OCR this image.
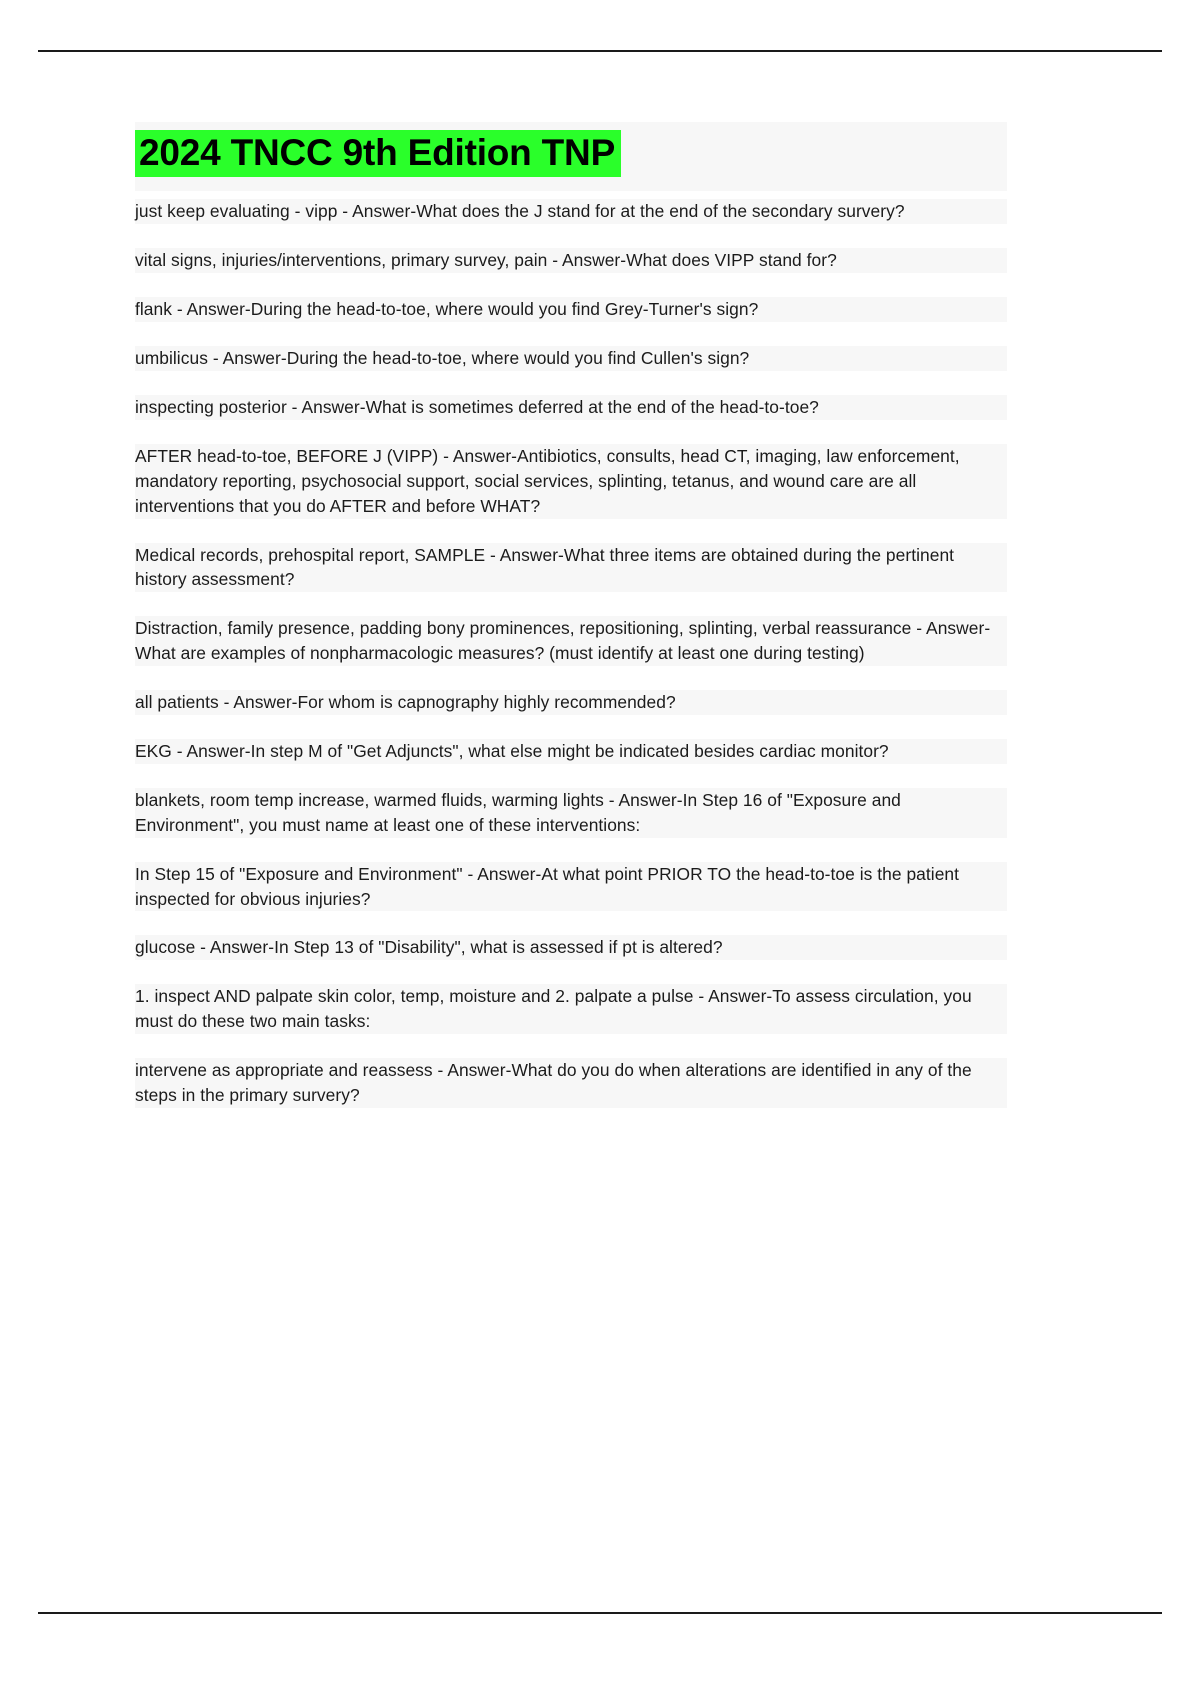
2024 TNCC 9th Edition TNP

just keep evaluating - vipp - Answer-What does the J stand for at the end of the secondary survery?

vital signs, injuries/interventions, primary survey, pain - Answer-What does VIPP stand for?

flank - Answer-During the head-to-toe, where would you find Grey-Turner's sign?

umbilicus - Answer-During the head-to-toe, where would you find Cullen's sign?

inspecting posterior - Answer-What is sometimes deferred at the end of the head-to-toe?

AFTER head-to-toe, BEFORE J (VIPP) - Answer-Antibiotics, consults, head CT, imaging, law enforcement, mandatory reporting, psychosocial support, social services, splinting, tetanus, and wound care are all interventions that you do AFTER and before WHAT?

Medical records, prehospital report, SAMPLE - Answer-What three items are obtained during the pertinent history assessment?

Distraction, family presence, padding bony prominences, repositioning, splinting, verbal reassurance - Answer-What are examples of nonpharmacologic measures? (must identify at least one during testing)

all patients - Answer-For whom is capnography highly recommended?

EKG - Answer-In step M of "Get Adjuncts", what else might be indicated besides cardiac monitor?

blankets, room temp increase, warmed fluids, warming lights - Answer-In Step 16 of "Exposure and Environment", you must name at least one of these interventions:

In Step 15 of "Exposure and Environment" - Answer-At what point PRIOR TO the head-to-toe is the patient inspected for obvious injuries?

glucose - Answer-In Step 13 of "Disability", what is assessed if pt is altered?

1. inspect AND palpate skin color, temp, moisture and 2. palpate a pulse - Answer-To assess circulation, you must do these two main tasks:

intervene as appropriate and reassess - Answer-What do you do when alterations are identified in any of the steps in the primary survery?
